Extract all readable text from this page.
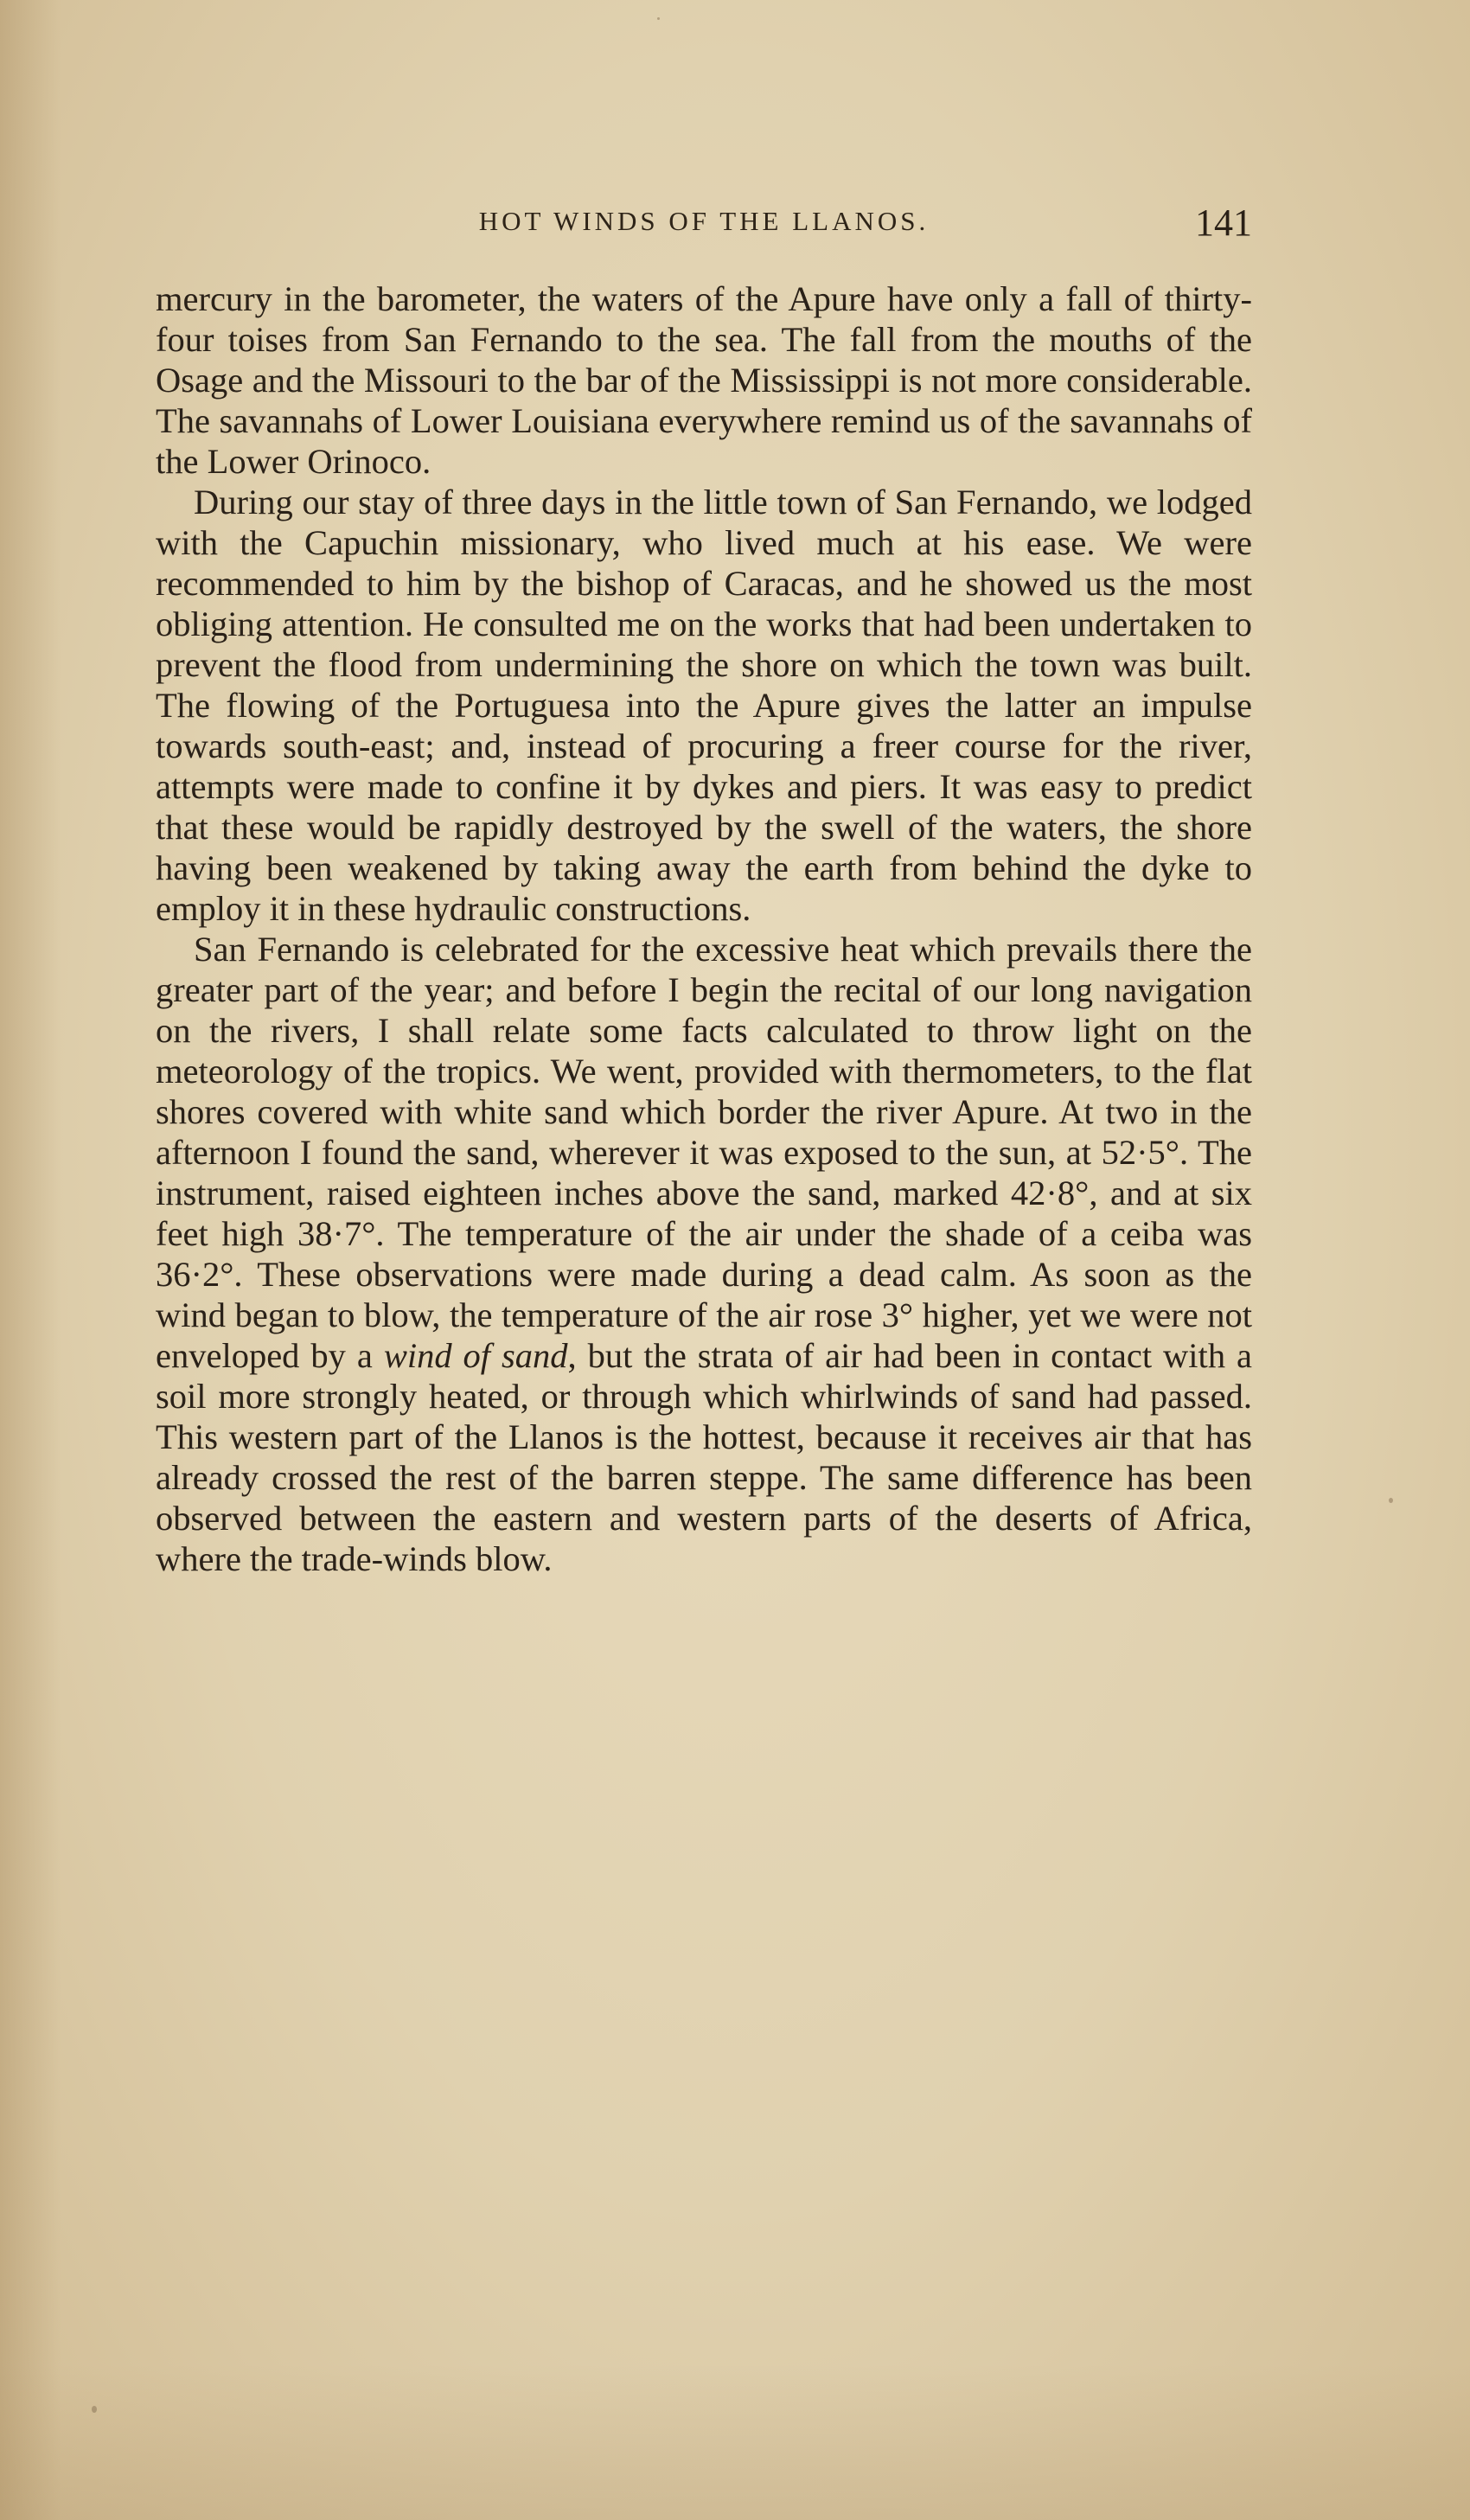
HOT WINDS OF THE LLANOS.	141

mercury in the barometer, the waters of the Apure have only a fall of thirty-four toises from San Fernando to the sea. The fall from the mouths of the Osage and the Missouri to the bar of the Mississippi is not more considerable. The savannahs of Lower Louisiana everywhere remind us of the savannahs of the Lower Orinoco.

During our stay of three days in the little town of San Fernando, we lodged with the Capuchin missionary, who lived much at his ease. We were recommended to him by the bishop of Caracas, and he showed us the most obliging attention. He consulted me on the works that had been undertaken to prevent the flood from undermining the shore on which the town was built. The flowing of the Portuguesa into the Apure gives the latter an impulse towards south-east; and, instead of procuring a freer course for the river, attempts were made to confine it by dykes and piers. It was easy to predict that these would be rapidly destroyed by the swell of the waters, the shore having been weakened by taking away the earth from behind the dyke to employ it in these hydraulic constructions.

San Fernando is celebrated for the excessive heat which prevails there the greater part of the year; and before I begin the recital of our long navigation on the rivers, I shall relate some facts calculated to throw light on the meteorology of the tropics. We went, provided with thermometers, to the flat shores covered with white sand which border the river Apure. At two in the afternoon I found the sand, wherever it was exposed to the sun, at 52·5°. The instrument, raised eighteen inches above the sand, marked 42·8°, and at six feet high 38·7°. The temperature of the air under the shade of a ceiba was 36·2°. These observations were made during a dead calm. As soon as the wind began to blow, the temperature of the air rose 3° higher, yet we were not enveloped by a wind of sand, but the strata of air had been in contact with a soil more strongly heated, or through which whirlwinds of sand had passed. This western part of the Llanos is the hottest, because it receives air that has already crossed the rest of the barren steppe. The same difference has been observed between the eastern and western parts of the deserts of Africa, where the trade-winds blow.
